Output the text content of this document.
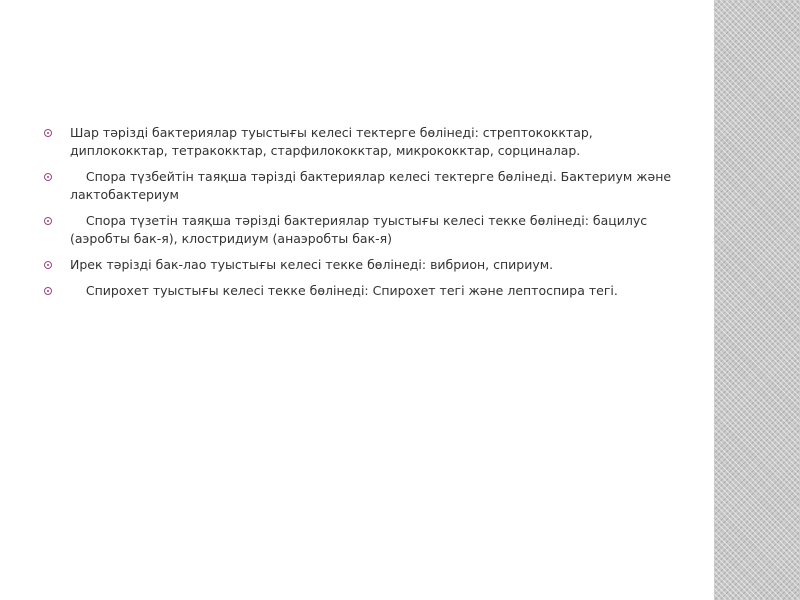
Шар тәрізді бактериялар туыстығы келесі тектерге бөлінеді: стрептококктар, диплококктар, тетракокктар, старфилококктар, микрококктар, сорциналар.
Спора түзбейтін таяқша тәрізді бактериялар келесі тектерге бөлінеді. Бактериум және лактобактериум
Спора түзетін таяқша тәрізді бактериялар туыстығы келесі текке бөлінеді: бацилус (аэробты бак-я), клостридиум (анаэробты бак-я)
Ирек тәрізді бак-лао туыстығы келесі текке бөлінеді: вибрион, спириум.
Спирохет туыстығы келесі текке бөлінеді: Спирохет тегі және лептоспира тегі.
